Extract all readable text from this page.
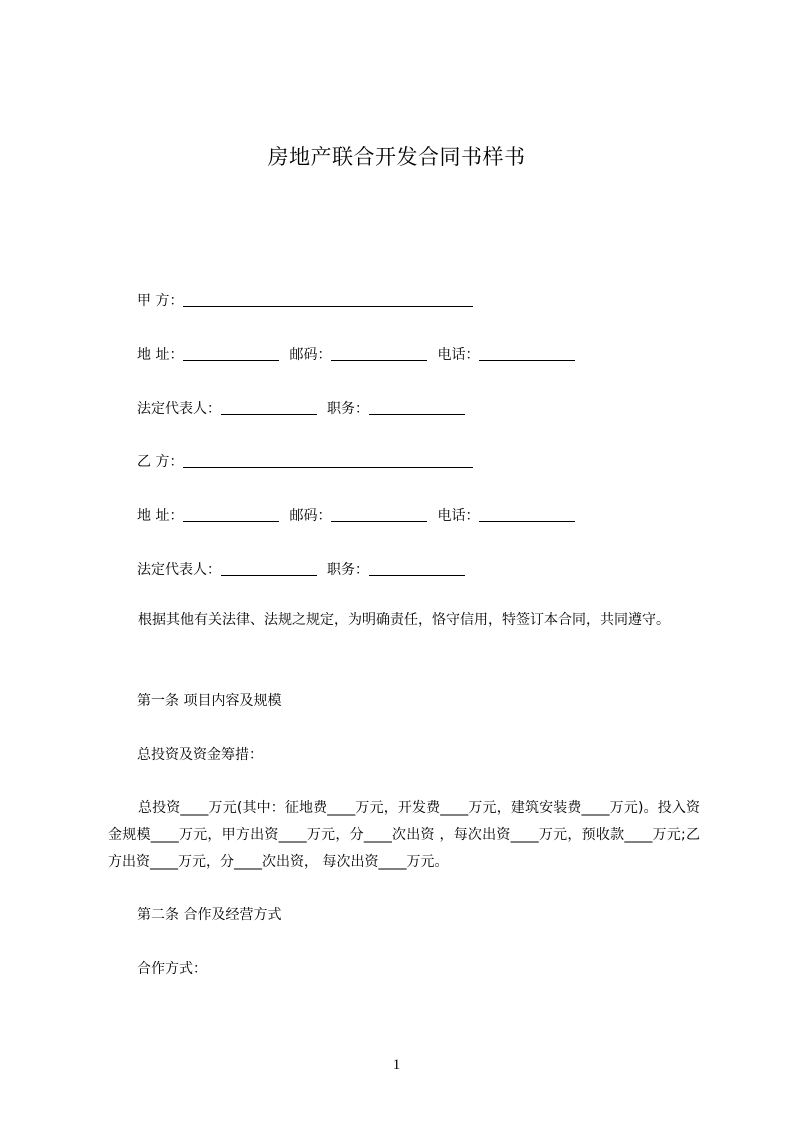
房地产联合开发合同书样书
甲 方：
地 址：	邮码：	电话：
法定代表人：	职务：
乙 方：
地 址：	邮码：	电话：
法定代表人：	职务：
根据其他有关法律、法规之规定，为明确责任，恪守信用，特签订本合同，共同遵守。
第一条 项目内容及规模
总投资及资金筹措：
总投资____万元(其中：征地费____万元，开发费____万元，建筑安装费____万元)。投入资金规模____万元，甲方出资____万元，分____次出资 ，每次出资____万元，预收款____万元;乙方出资____万元，分____次出资， 每次出资____万元。
第二条 合作及经营方式
合作方式：
1
